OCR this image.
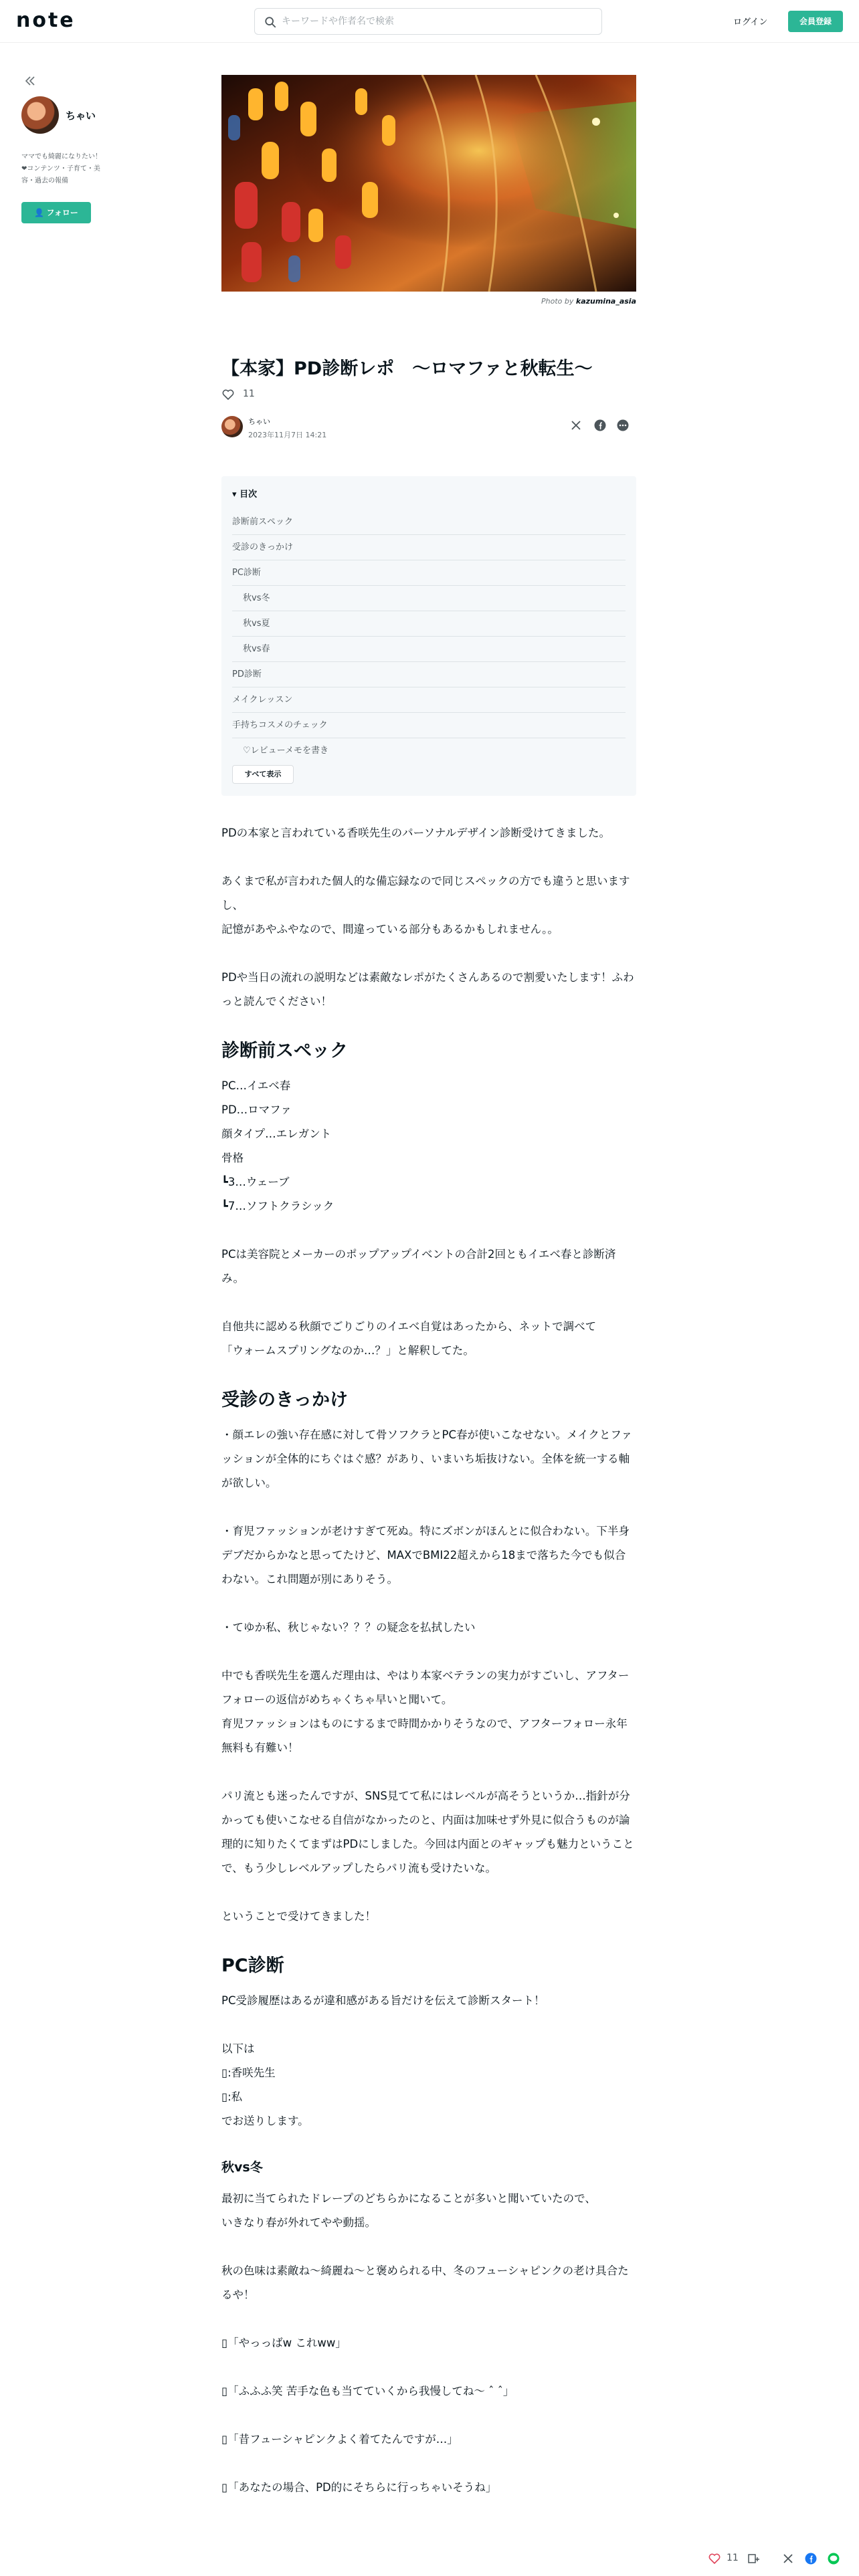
note
キーワードや作者名で検索	ログイン	会員登録
ちゃい
ママでも綺麗になりたい！❤︎コンテンツ・子育て・美容・過去の報備
👤 フォロー
Photo by kazumina_asia
【本家】PD診断レポ　〜ロマファと秋転生〜
11
ちゃい
2023年11月7日 14:21
▾ 目次
診断前スペック
受診のきっかけ
PC診断
秋vs冬
秋vs夏
秋vs春
PD診断
メイクレッスン
手持ちコスメのチェック
♡レビューメモを書き
すべて表示

PDの本家と言われている香咲先生のパーソナルデザイン診断受けてきました。

あくまで私が言われた個人的な備忘録なので同じスペックの方でも違うと思いますし、
記憶があやふやなので、間違っている部分もあるかもしれません。。

PDや当日の流れの説明などは素敵なレポがたくさんあるので割愛いたします！ふわっと読んでください！

診断前スペック

PC…イエベ春
PD…ロマファ
顔タイプ…エレガント
骨格
┗3…ウェーブ
┗7…ソフトクラシック

PCは美容院とメーカーのポップアップイベントの合計2回ともイエベ春と診断済み。

自他共に認める秋顔でごりごりのイエベ自覚はあったから、ネットで調べて
「ウォームスプリングなのか…？」と解釈してた。

受診のきっかけ

・顔エレの強い存在感に対して骨ソフクラとPC春が使いこなせない。メイクとファッションが全体的にちぐはぐ感？があり、いまいち垢抜けない。全体を統一する軸が欲しい。

・育児ファッションが老けすぎて死ぬ。特にズボンがほんとに似合わない。下半身デブだからかなと思ってたけど、MAXでBMI22超えから18まで落ちた今でも似合わない。これ問題が別にありそう。

・てゆか私、秋じゃない？？？の疑念を払拭したい

中でも香咲先生を選んだ理由は、やはり本家ベテランの実力がすごいし、アフターフォローの返信がめちゃくちゃ早いと聞いて。
育児ファッションはものにするまで時間かかりそうなので、アフターフォロー永年無料も有難い！

パリ流とも迷ったんですが、SNS見てて私にはレベルが高そうというか…指針が分かっても使いこなせる自信がなかったのと、内面は加味せず外見に似合うものが論理的に知りたくてまずはPDにしました。今回は内面とのギャップも魅力ということで、もう少しレベルアップしたらパリ流も受けたいな。

ということで受けてきました！

PC診断

PC受診履歴はあるが違和感がある旨だけを伝えて診断スタート！

以下は
▯:香咲先生
▯:私
でお送りします。

秋vs冬

最初に当てられたドレープのどちらかになることが多いと聞いていたので、
いきなり春が外れてやや動揺。

秋の色味は素敵ね〜綺麗ね〜と褒められる中、冬のフューシャピンクの老け具合たるや！

▯「やっっばw これww」

▯「ふふふ笑 苦手な色も当てていくから我慢してね〜 ˆ ˆ」

▯「昔フューシャピンクよく着てたんですが…」

▯「あなたの場合、PD的にそちらに行っちゃいそうね」

11
